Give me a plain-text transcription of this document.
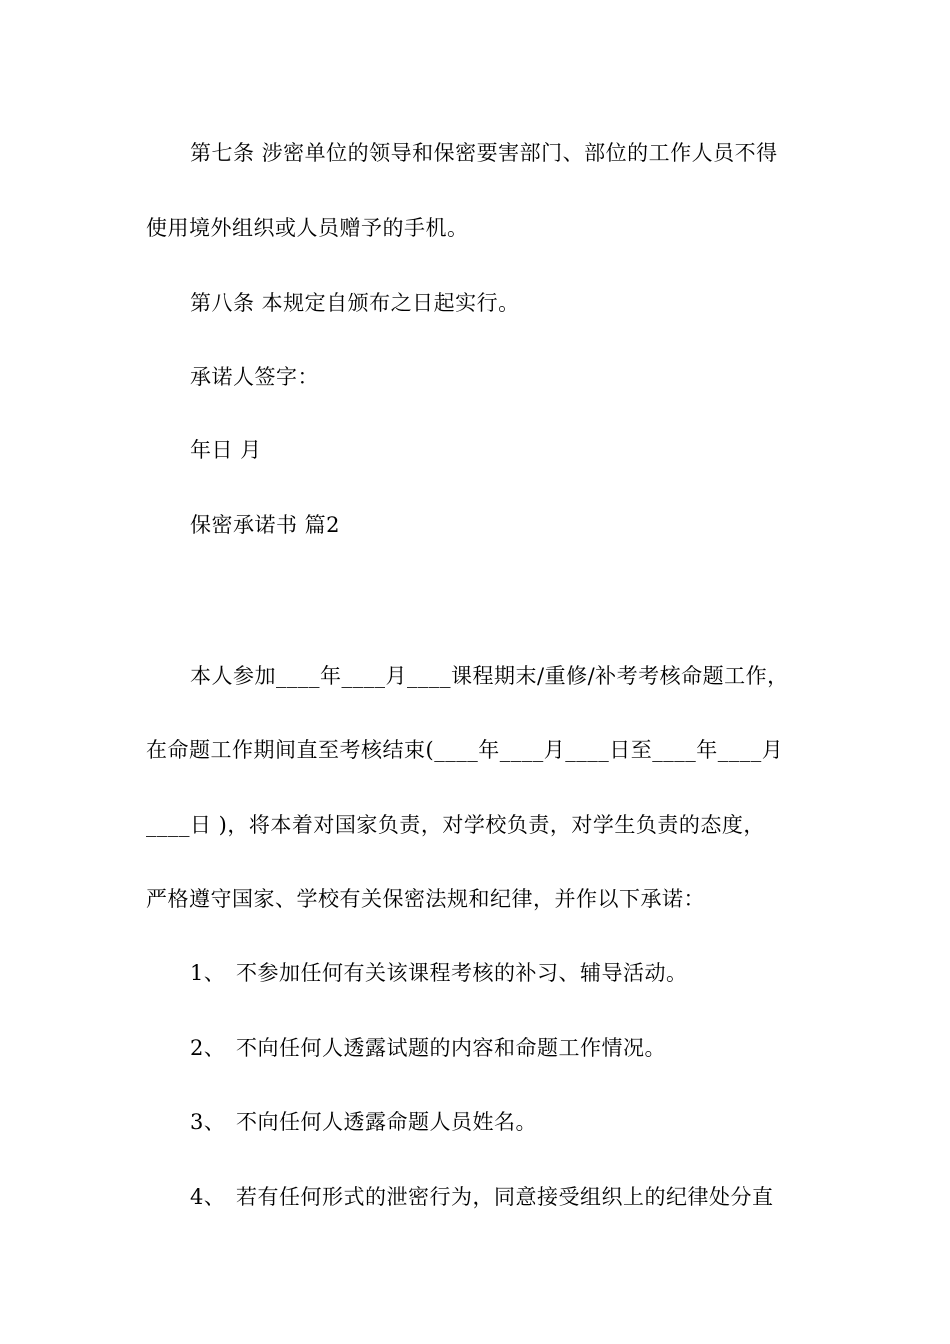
第七条 涉密单位的领导和保密要害部门、部位的工作人员不得
使用境外组织或人员赠予的手机。
第八条 本规定自颁布之日起实行。
承诺人签字：
年日 月
保密承诺书 篇2
本人参加____年____月____课程期末/重修/补考考核命题工作，
在命题工作期间直至考核结束(____年____月____日至____年____月
____日 )，将本着对国家负责，对学校负责，对学生负责的态度，
严格遵守国家、学校有关保密法规和纪律，并作以下承诺：
1、 不参加任何有关该课程考核的补习、辅导活动。
2、 不向任何人透露试题的内容和命题工作情况。
3、 不向任何人透露命题人员姓名。
4、 若有任何形式的泄密行为，同意接受组织上的纪律处分直
